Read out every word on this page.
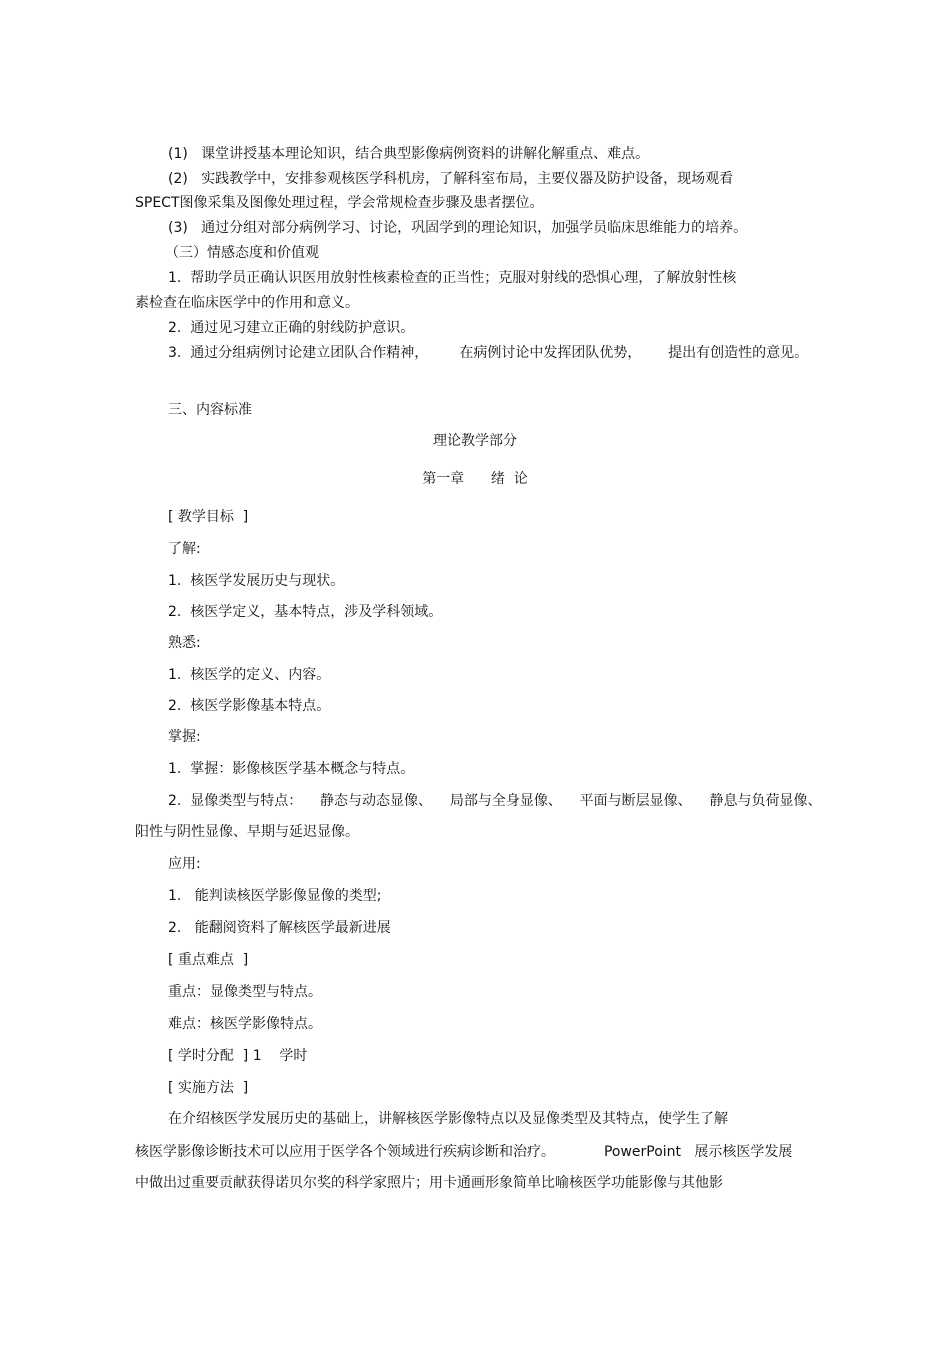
(1)   课堂讲授基本理论知识，结合典型影像病例资料的讲解化解重点、难点。
(2)   实践教学中，安排参观核医学科机房，了解科室布局，主要仪器及防护设备，现场观看
SPECT图像采集及图像处理过程，学会常规检查步骤及患者摆位。
(3)   通过分组对部分病例学习、讨论，巩固学到的理论知识，加强学员临床思维能力的培养。
（三）情感态度和价值观
1.  帮助学员正确认识医用放射性核素检查的正当性；克服对射线的恐惧心理，了解放射性核
素检查在临床医学中的作用和意义。
2.  通过见习建立正确的射线防护意识。
3.  通过分组病例讨论建立团队合作精神，       在病例讨论中发挥团队优势，      提出有创造性的意见。
三、内容标准
理论教学部分
第一章      绪  论
[ 教学目标  ]
了解:
1.  核医学发展历史与现状。
2.  核医学定义，基本特点，涉及学科领域。
熟悉:
1.  核医学的定义、内容。
2.  核医学影像基本特点。
掌握:
1.  掌握：影像核医学基本概念与特点。
2.  显像类型与特点：    静态与动态显像、    局部与全身显像、    平面与断层显像、    静息与负荷显像、
阳性与阴性显像、早期与延迟显像。
应用:
1.   能判读核医学影像显像的类型;
2.   能翻阅资料了解核医学最新进展
[ 重点难点  ]
重点：显像类型与特点。
难点：核医学影像特点。
[ 学时分配  ] 1    学时
[ 实施方法  ]
在介绍核医学发展历史的基础上，讲解核医学影像特点以及显像类型及其特点，使学生了解
核医学影像诊断技术可以应用于医学各个领域进行疾病诊断和治疗。           PowerPoint   展示核医学发展
中做出过重要贡献获得诺贝尔奖的科学家照片；用卡通画形象简单比喻核医学功能影像与其他影
